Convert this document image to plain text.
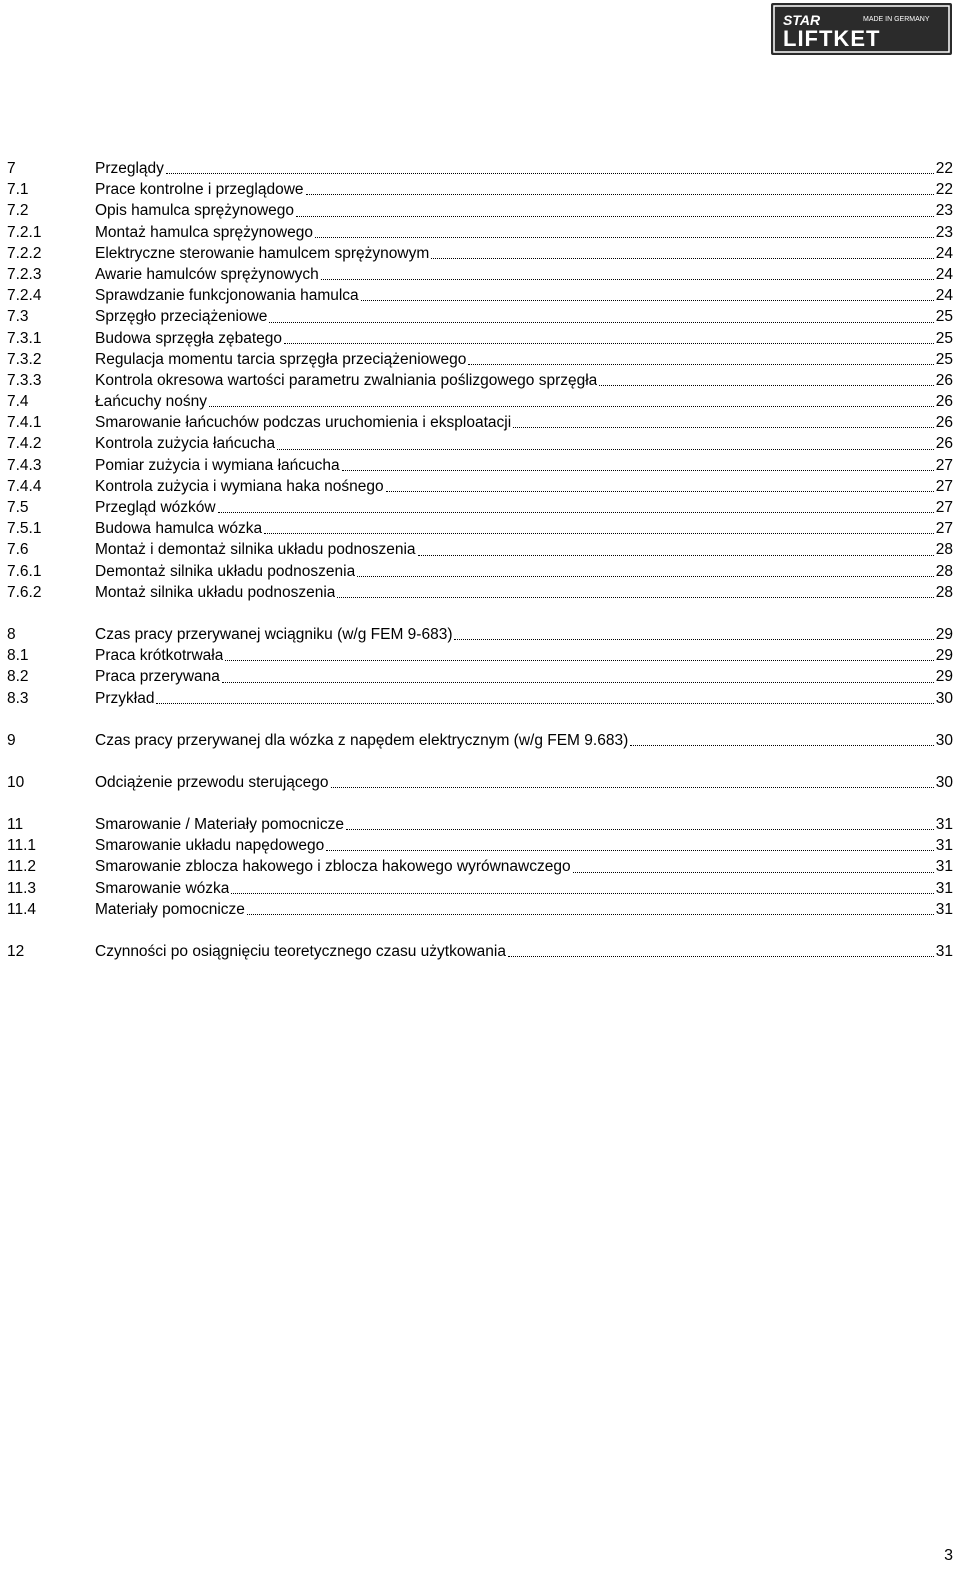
STAR	MADE IN GERMANY
LIFTKET
7	Przeglądy	22
7.1	Prace kontrolne i przeglądowe	22
7.2	Opis hamulca sprężynowego	23
7.2.1	Montaż hamulca sprężynowego	23
7.2.2	Elektryczne sterowanie hamulcem sprężynowym	24
7.2.3	Awarie hamulców sprężynowych	24
7.2.4	Sprawdzanie funkcjonowania hamulca	24
7.3	Sprzęgło przeciążeniowe	25
7.3.1	Budowa sprzęgła zębatego	25
7.3.2	Regulacja momentu tarcia sprzęgła przeciążeniowego	25
7.3.3	Kontrola okresowa wartości parametru zwalniania poślizgowego sprzęgła	26
7.4	Łańcuchy nośny	26
7.4.1	Smarowanie łańcuchów podczas uruchomienia i eksploatacji	26
7.4.2	Kontrola zużycia łańcucha	26
7.4.3	Pomiar zużycia i wymiana łańcucha	27
7.4.4	Kontrola zużycia i wymiana haka nośnego	27
7.5	Przegląd wózków	27
7.5.1	Budowa hamulca wózka	27
7.6	Montaż i demontaż silnika układu podnoszenia	28
7.6.1	Demontaż silnika układu podnoszenia	28
7.6.2	Montaż silnika układu podnoszenia	28
8	Czas pracy przerywanej wciągniku (w/g FEM 9-683)	29
8.1	Praca krótkotrwała	29
8.2	Praca przerywana	29
8.3	Przykład	30
9	Czas pracy przerywanej dla wózka z napędem elektrycznym (w/g FEM 9.683)	30
10	Odciążenie przewodu sterującego	30
11	Smarowanie / Materiały pomocnicze	31
11.1	Smarowanie układu napędowego	31
11.2	Smarowanie zblocza hakowego i zblocza hakowego wyrównawczego	31
11.3	Smarowanie wózka	31
11.4	Materiały pomocnicze	31
12	Czynności po osiągnięciu teoretycznego czasu użytkowania	31
3
